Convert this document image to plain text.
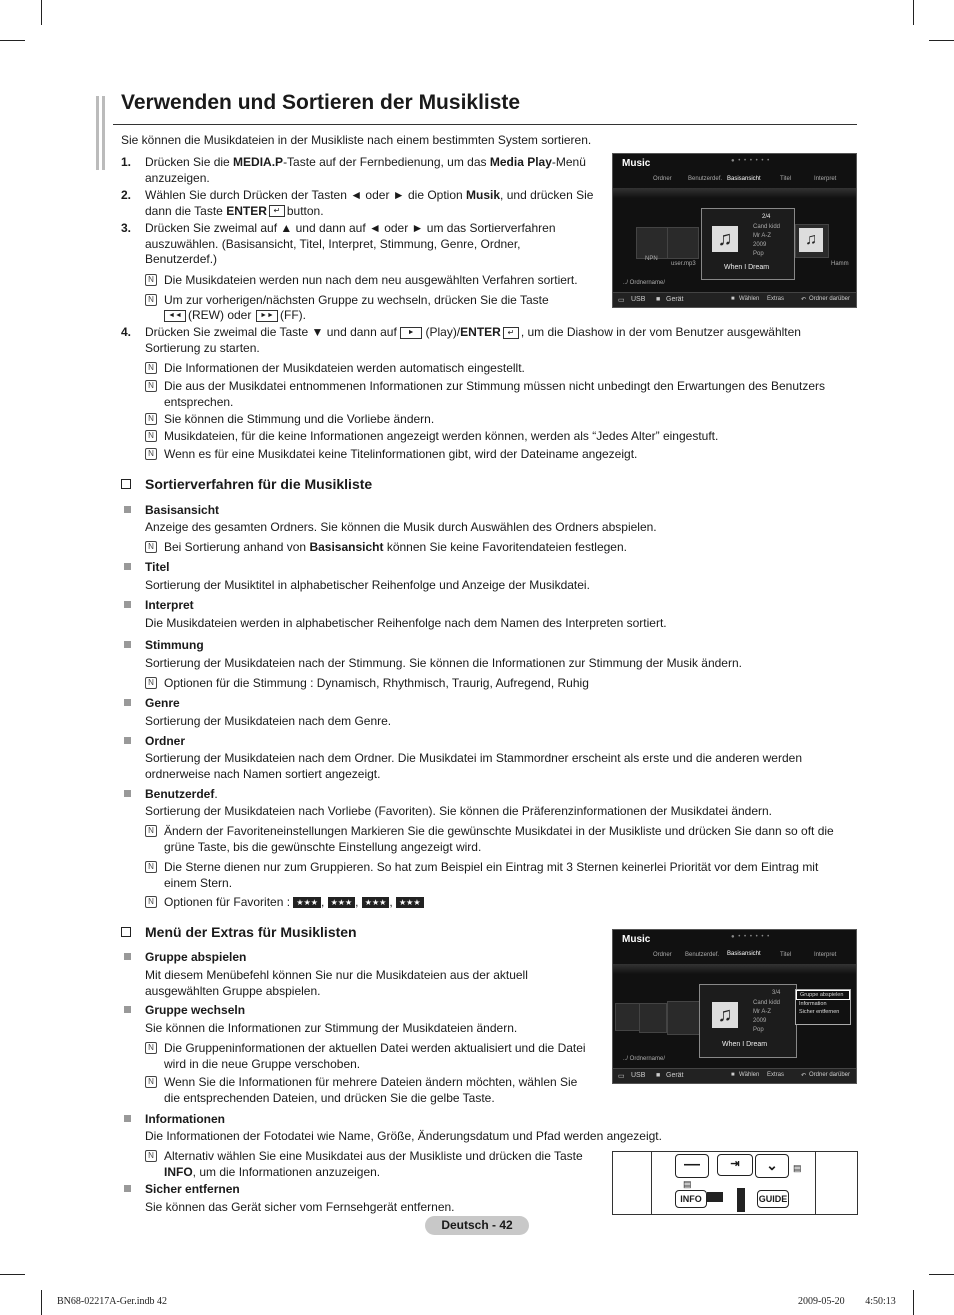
Verwenden und Sortieren der Musikliste

Sie können die Musikdateien in der Musikliste nach einem bestimmten System sortieren.

1. Drücken Sie die MEDIA.P-Taste auf der Fernbedienung, um das Media Play-Menü
anzuzeigen.

2. Wählen Sie durch Drücken der Tasten ◄ oder ► die Option Musik, und drücken Sie
dann die Taste ENTER ↵ button.

3. Drücken Sie zweimal auf ▲ und dann auf ◄ oder ► um das Sortierverfahren
auszuwählen. (Basisansicht, Titel, Interpret, Stimmung, Genre, Ordner,
Benutzerdef.)

N Die Musikdateien werden nun nach dem neu ausgewählten Verfahren sortiert.

N Um zur vorherigen/nächsten Gruppe zu wechseln, drücken Sie die Taste

◄◄ (REW) oder	►► (FF).

4. Drücken Sie zweimal die Taste ▼ und dann auf ► (Play)/ENTER ↵ , um die Diashow in der vom Benutzer ausgewählten
Sortierung zu starten.

N Die Informationen der Musikdateien werden automatisch eingestellt.

N Die aus der Musikdatei entnommenen Informationen zur Stimmung müssen nicht unbedingt den Erwartungen des Benutzers
entsprechen.

N Sie können die Stimmung und die Vorliebe ändern.

N Musikdateien, für die keine Informationen angezeigt werden können, werden als “Jedes Alter” eingestuft.

N Wenn es für eine Musikdatei keine Titelinformationen gibt, wird der Dateiname angezeigt.

Music	● • • • • • •
Ordner	Benutzerdef. Basisansicht	Titel	Interpret
NPN
user.mp3
2/4
♫
Cand kidd
Mr A-Z
2009
Pop
When I Dream
♫
Hamm
../ Ordnername/
▭ USB ■ Gerät	■ Wählen Extras	↶ Ordner darüber
Sortierverfahren für die Musikliste

Basisansicht

Anzeige des gesamten Ordners. Sie können die Musik durch Auswählen des Ordners abspielen.

N Bei Sortierung anhand von Basisansicht können Sie keine Favoritendateien festlegen.

Titel

Sortierung der Musiktitel in alphabetischer Reihenfolge und Anzeige der Musikdatei.

Interpret

Die Musikdateien werden in alphabetischer Reihenfolge nach dem Namen des Interpreten sortiert.

Stimmung

Sortierung der Musikdateien nach der Stimmung. Sie können die Informationen zur Stimmung der Musik ändern.

N Optionen für die Stimmung : Dynamisch, Rhythmisch, Traurig, Aufregend, Ruhig

Genre

Sortierung der Musikdateien nach dem Genre.

Ordner

Sortierung der Musikdateien nach dem Ordner. Die Musikdatei im Stammordner erscheint als erste und die anderen werden
ordnerweise nach Namen sortiert angezeigt.

Benutzerdef.

Sortierung der Musikdateien nach Vorliebe (Favoriten). Sie können die Präferenzinformationen der Musikdatei ändern.

N Ändern der Favoriteneinstellungen Markieren Sie die gewünschte Musikdatei in der Musikliste und drücken Sie dann so oft die
grüne Taste, bis die gewünschte Einstellung angezeigt wird.

N Die Sterne dienen nur zum Gruppieren. So hat zum Beispiel ein Eintrag mit 3 Sternen keinerlei Priorität vor dem Eintrag mit
einem Stern.

N Optionen für Favoriten : ★★★ , ★★★ , ★★★ , ★★★

Menü der Extras für Musiklisten

Gruppe abspielen

Mit diesem Menübefehl können Sie nur die Musikdateien aus der aktuell
ausgewählten Gruppe abspielen.

Gruppe wechseln

Sie können die Informationen zur Stimmung der Musikdateien ändern.

N Die Gruppeninformationen der aktuellen Datei werden aktualisiert und die Datei
wird in die neue Gruppe verschoben.

N Wenn Sie die Informationen für mehrere Dateien ändern möchten, wählen Sie
die entsprechenden Dateien, und drücken Sie die gelbe Taste.

Informationen

Die Informationen der Fotodatei wie Name, Größe, Änderungsdatum und Pfad werden angezeigt.

N Alternativ wählen Sie eine Musikdatei aus der Musikliste und drücken die Taste
INFO, um die Informationen anzuzeigen.

Sicher entfernen

Sie können das Gerät sicher vom Fernsehgerät entfernen.

Music	● • • • • • •
Ordner Benutzerdef. Basisansicht	Titel	Interpret
3/4
♫
Cand kidd
Mr A-Z
2009
Pop
When I Dream
Gruppe abspielen
Information
Sicher entfernen
../ Ordnername/
▭ USB ■ Gerät	■ Wählen Extras	↶ Ordner darüber
—	⇥	⌄	▤
▤
INFO	GUIDE
Deutsch - 42
BN68-02217A-Ger.indb 42	2009-05-20 ￿￿ 4:50:13
